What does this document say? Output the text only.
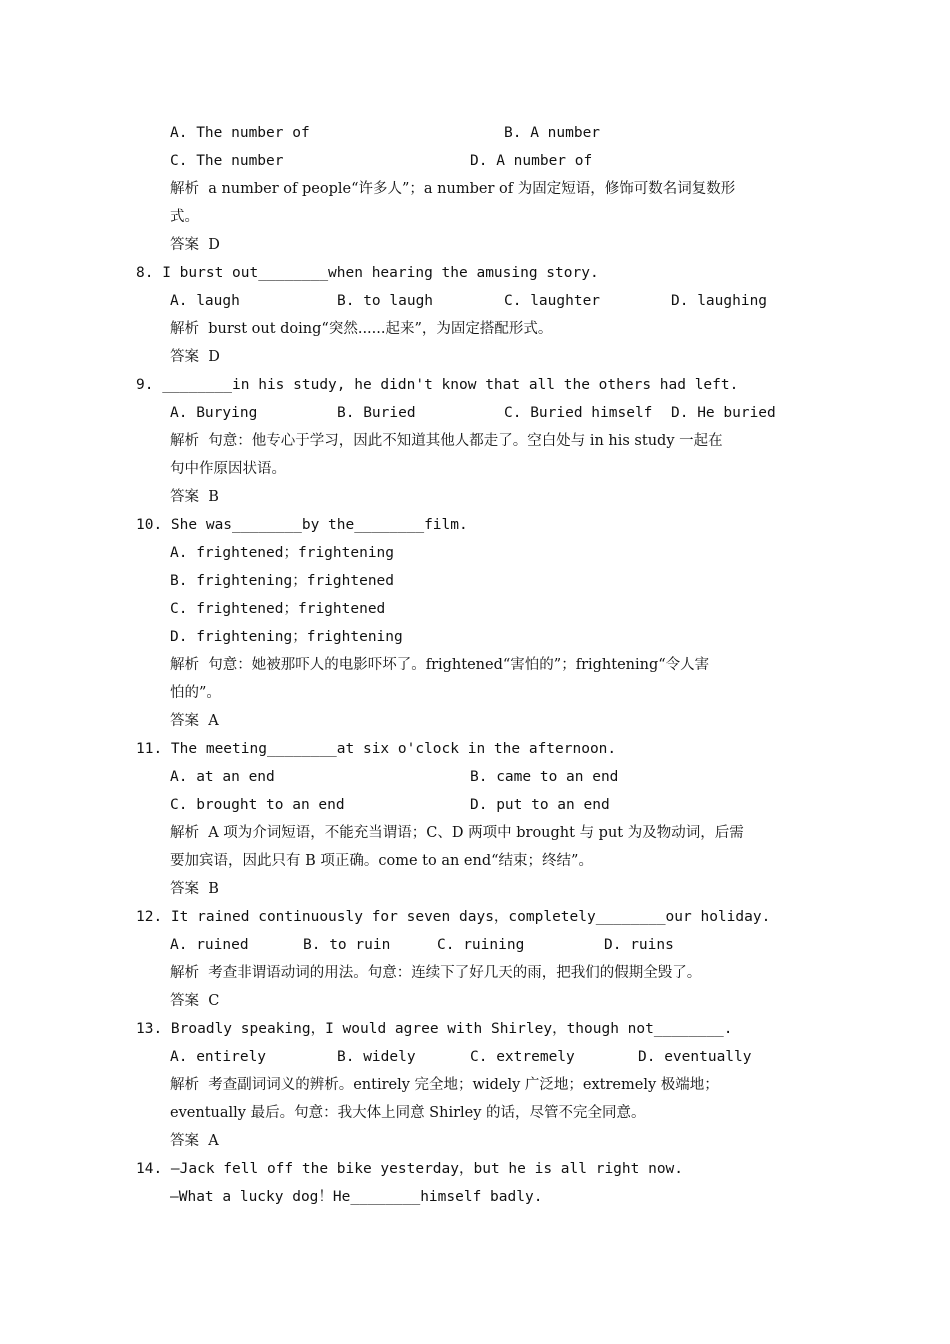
A. The number of	B. A number
C. The number	D. A number of
解析  a number of people“许多人”；a number of 为固定短语，修饰可数名词复数形
式。
答案  D
8. I burst out________when hearing the amusing story.
A. laugh	B. to laugh	C. laughter	D. laughing
解析  burst out doing“突然......起来”，为固定搭配形式。
答案  D
9. ________in his study, he didn't know that all the others had left.
A. Burying	B. Buried	C. Buried himself D. He buried
解析  句意：他专心于学习，因此不知道其他人都走了。空白处与 in his study 一起在
句中作原因状语。
答案  B
10. She was________by the________film.
A. frightened；frightening
B. frightening；frightened
C. frightened；frightened
D. frightening；frightening
解析  句意：她被那吓人的电影吓坏了。frightened“害怕的”；frightening“令人害
怕的”。
答案  A
11. The meeting________at six o'clock in the afternoon.
A. at an end	B. came to an end
C. brought to an end	D. put to an end
解析  A 项为介词短语，不能充当谓语；C、D 两项中 brought 与 put 为及物动词，后需
要加宾语，因此只有 B 项正确。come to an end“结束；终结”。
答案  B
12. It rained continuously for seven days，completely________our holiday.
A. ruined	B. to ruin	C. ruining	D. ruins
解析  考查非谓语动词的用法。句意：连续下了好几天的雨，把我们的假期全毁了。
答案  C
13. Broadly speaking，I would agree with Shirley，though not________.
A. entirely	B. widely	C. extremely	D. eventually
解析  考查副词词义的辨析。entirely 完全地；widely 广泛地；extremely 极端地；
eventually 最后。句意：我大体上同意 Shirley 的话，尽管不完全同意。
答案  A
14. —Jack fell off the bike yesterday，but he is all right now.
—What a lucky dog！He________himself badly.
